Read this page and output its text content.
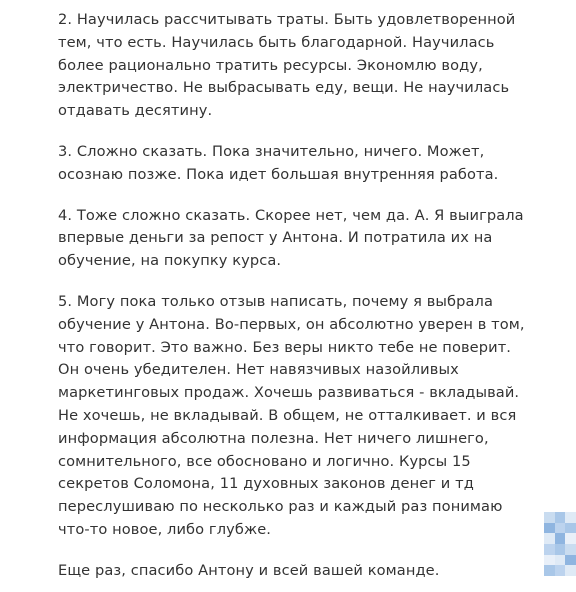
2. Научилась рассчитывать траты. Быть удовлетворенной
тем, что есть. Научилась быть благодарной. Научилась
более рационально тратить ресурсы. Экономлю воду,
электричество. Не выбрасывать еду, вещи. Не научилась
отдавать десятину.

3. Сложно сказать. Пока значительно, ничего. Может,
осознаю позже. Пока идет большая внутренняя работа.

4. Тоже сложно сказать. Скорее нет, чем да. А. Я выиграла
впервые деньги за репост у Антона. И потратила их на
обучение, на покупку курса.

5. Могу пока только отзыв написать, почему я выбрала
обучение у Антона. Во-первых, он абсолютно уверен в том,
что говорит. Это важно. Без веры никто тебе не поверит.
Он очень убедителен. Нет навязчивых назойливых
маркетинговых продаж. Хочешь развиваться - вкладывай.
Не хочешь, не вкладывай. В общем, не отталкивает. и вся
информация абсолютна полезна. Нет ничего лишнего,
сомнительного, все обосновано и логично. Курсы 15
секретов Соломона, 11 духовных законов денег и тд
переслушиваю по несколько раз и каждый раз понимаю
что-то новое, либо глубже.

Еще раз, спасибо Антону и всей вашей команде.
